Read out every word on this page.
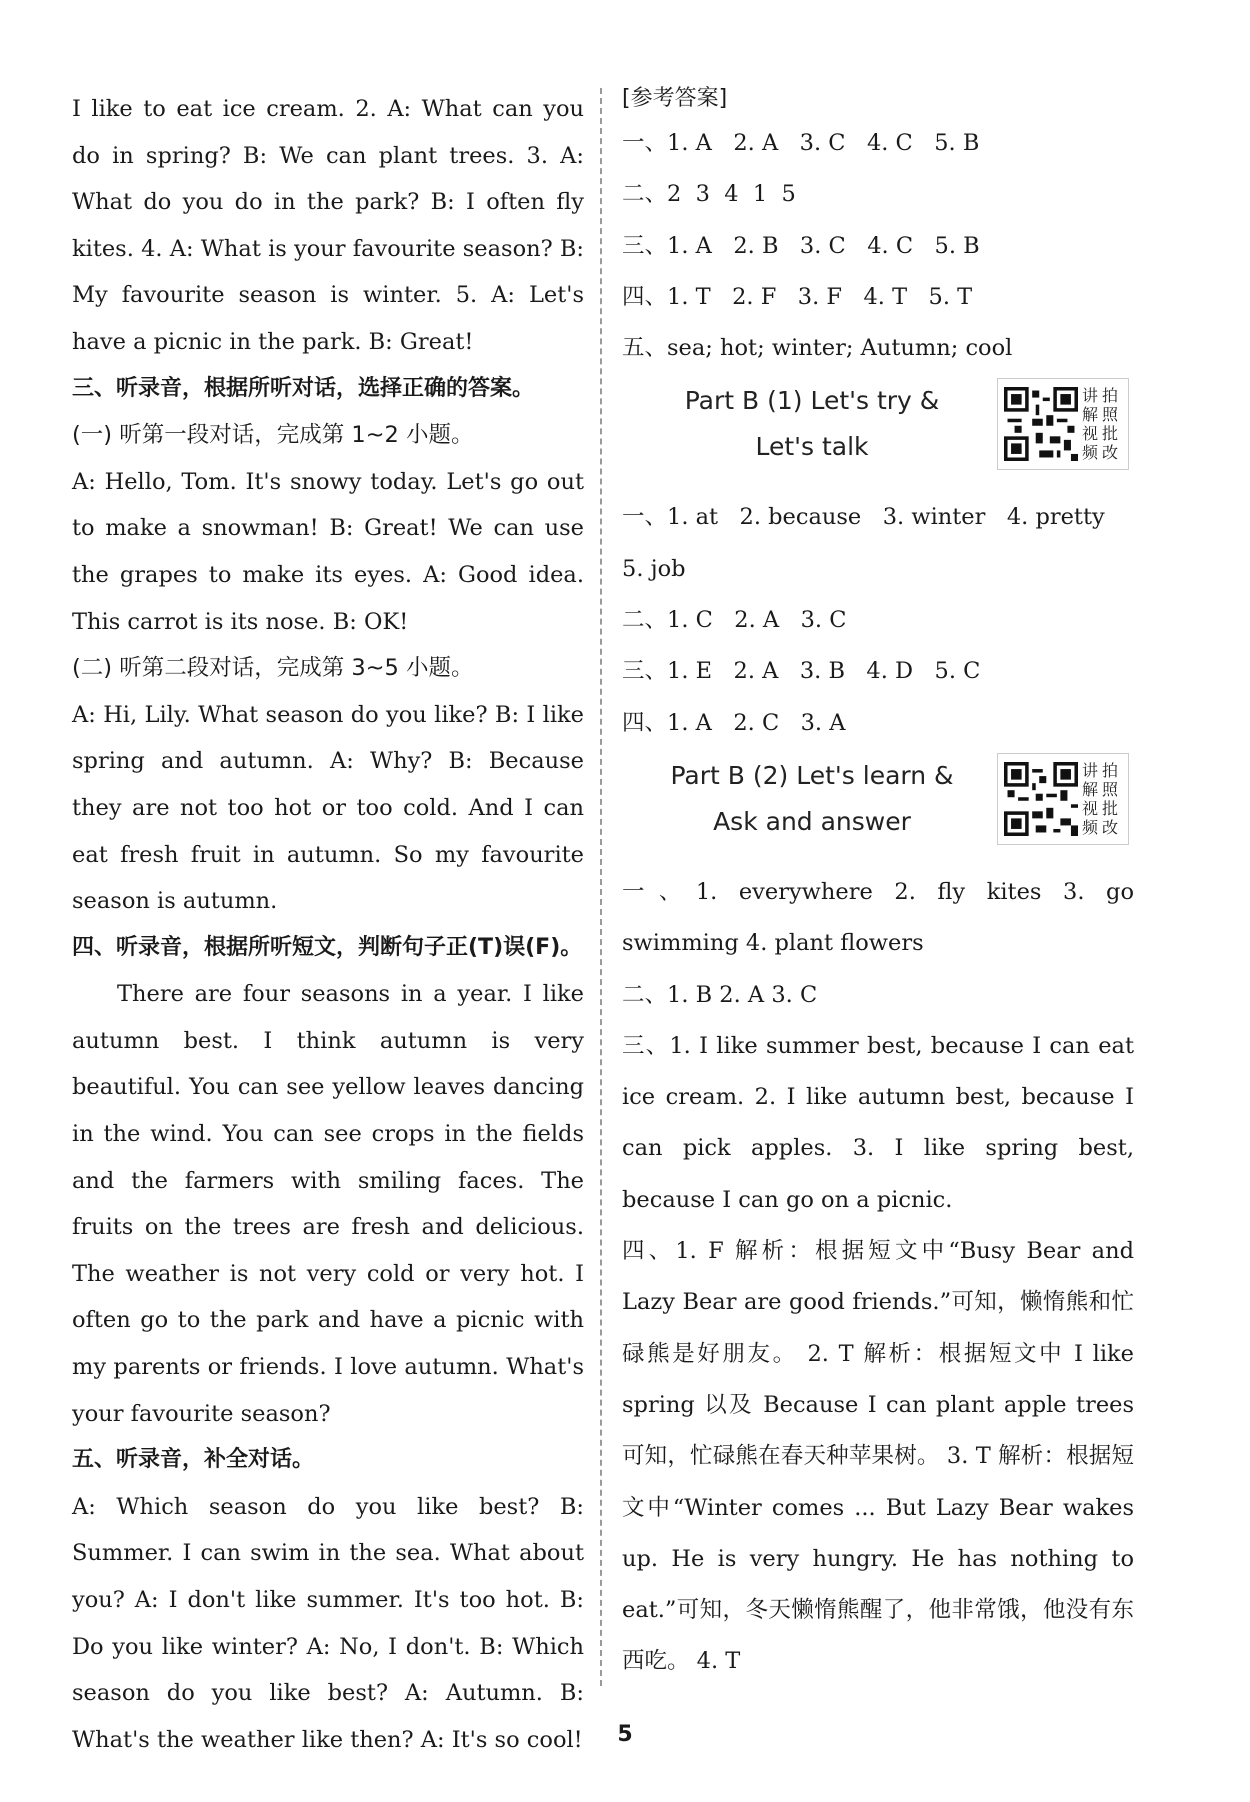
I like to eat ice cream. 2. A: What can you do in spring? B: We can plant trees. 3. A: What do you do in the park? B: I often fly kites. 4. A: What is your favourite season? B: My favourite season is winter. 5. A: Let's have a picnic in the park. B: Great!

三、听录音，根据所听对话，选择正确的答案。

(一) 听第一段对话，完成第 1~2 小题。

A: Hello, Tom. It's snowy today. Let's go out to make a snowman! B: Great! We can use the grapes to make its eyes. A: Good idea. This carrot is its nose. B: OK!

(二) 听第二段对话，完成第 3~5 小题。

A: Hi, Lily. What season do you like? B: I like spring and autumn. A: Why? B: Because they are not too hot or too cold. And I can eat fresh fruit in autumn. So my favourite season is autumn.

四、听录音，根据所听短文，判断句子正(T)误(F)。

There are four seasons in a year. I like autumn best. I think autumn is very beautiful. You can see yellow leaves dancing in the wind. You can see crops in the fields and the farmers with smiling faces. The fruits on the trees are fresh and delicious. The weather is not very cold or very hot. I often go to the park and have a picnic with my parents or friends. I love autumn. What's your favourite season?

五、听录音，补全对话。

A: Which season do you like best? B: Summer. I can swim in the sea. What about you? A: I don't like summer. It's too hot. B: Do you like winter? A: No, I don't. B: Which season do you like best? A: Autumn. B: What's the weather like then? A: It's so cool!

[参考答案]
一、1. A   2. A   3. C   4. C   5. B
二、2  3  4  1  5
三、1. A   2. B   3. C   4. C   5. B
四、1. T   2. F   3. F   4. T   5. T
五、sea; hot; winter; Autumn; cool
Part B (1) Let's try &
Let's talk
讲 拍
解 照
视 批
频 改
一、1. at   2. because   3. winter   4. pretty
5. job
二、1. C   2. A   3. C
三、1. E   2. A   3. B   4. D   5. C
四、1. A   2. C   3. A
Part B (2) Let's learn &
Ask and answer
讲 拍
解 照
视 批
频 改

一、1. everywhere 2. fly kites 3. go swimming 4. plant flowers

二、1. B 2. A 3. C

三、1. I like summer best, because I can eat ice cream. 2. I like autumn best, because I can pick apples. 3. I like spring best, because I can go on a picnic.

四、1. F 解析：根据短文中“Busy Bear and Lazy Bear are good friends.”可知，懒惰熊和忙碌熊是好朋友。 2. T 解析：根据短文中 I like spring 以及 Because I can plant apple trees 可知，忙碌熊在春天种苹果树。 3. T 解析：根据短文中“Winter comes ... But Lazy Bear wakes up. He is very hungry. He has nothing to eat.”可知，冬天懒惰熊醒了，他非常饿，他没有东西吃。 4. T

5
